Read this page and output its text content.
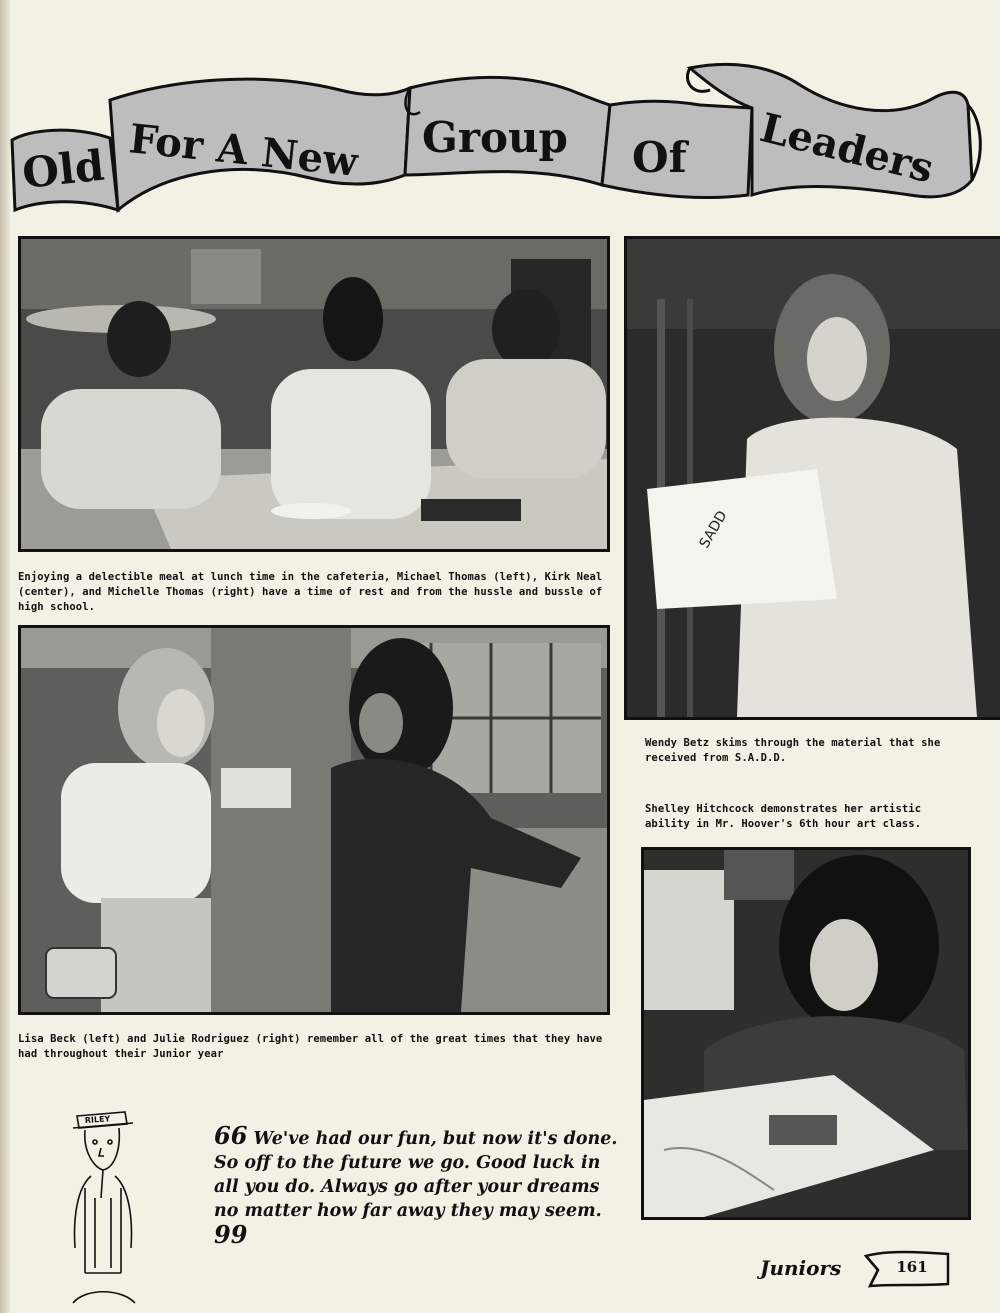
Old For A New Group Of Leaders
Enjoying a delectible meal at lunch time in the cafeteria, Michael Thomas (left), Kirk Neal (center), and Michelle Thomas (right) have a time of rest and from the hussle and bussle of high school.
SADD
Wendy Betz skims through the material that she received from S.A.D.D.
Shelley Hitchcock demonstrates her artistic ability in Mr. Hoover's 6th hour art class.
Lisa Beck (left) and Julie Rodriguez (right) remember all of the great times that they have had throughout their Junior year
RILEY
66 We've had our fun, but now it's done. So off to the future we go. Good luck in all you do. Always go after your dreams no matter how far away they may seem. 99
Juniors	161
